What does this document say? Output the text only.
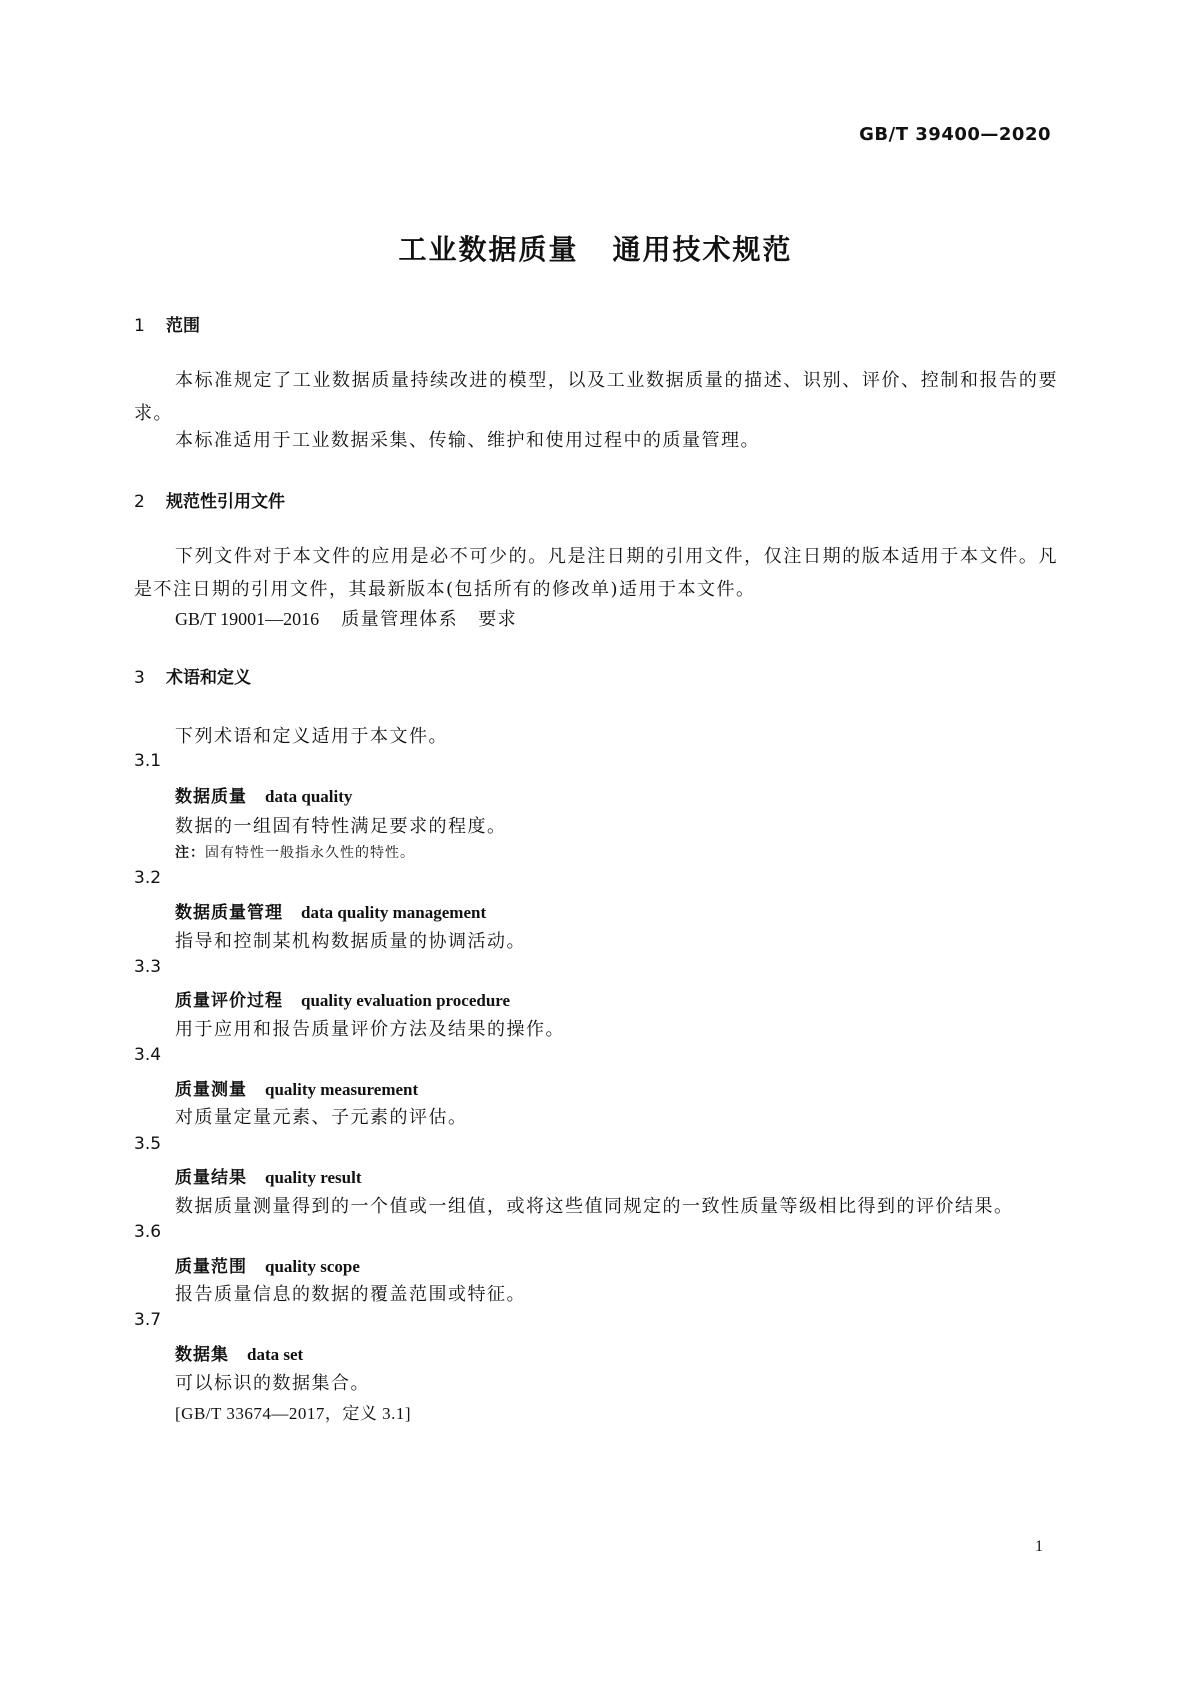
GB/T 39400—2020
工业数据质量 通用技术规范
1 范围
本标准规定了工业数据质量持续改进的模型，以及工业数据质量的描述、识别、评价、控制和报告的要求。
本标准适用于工业数据采集、传输、维护和使用过程中的质量管理。
2 规范性引用文件
下列文件对于本文件的应用是必不可少的。凡是注日期的引用文件，仅注日期的版本适用于本文件。凡是不注日期的引用文件，其最新版本(包括所有的修改单)适用于本文件。
GB/T 19001—2016 质量管理体系 要求
3 术语和定义
下列术语和定义适用于本文件。
3.1
数据质量 data quality
数据的一组固有特性满足要求的程度。
注：固有特性一般指永久性的特性。
3.2
数据质量管理 data quality management
指导和控制某机构数据质量的协调活动。
3.3
质量评价过程 quality evaluation procedure
用于应用和报告质量评价方法及结果的操作。
3.4
质量测量 quality measurement
对质量定量元素、子元素的评估。
3.5
质量结果 quality result
数据质量测量得到的一个值或一组值，或将这些值同规定的一致性质量等级相比得到的评价结果。
3.6
质量范围 quality scope
报告质量信息的数据的覆盖范围或特征。
3.7
数据集 data set
可以标识的数据集合。
[GB/T 33674—2017，定义 3.1]
1
